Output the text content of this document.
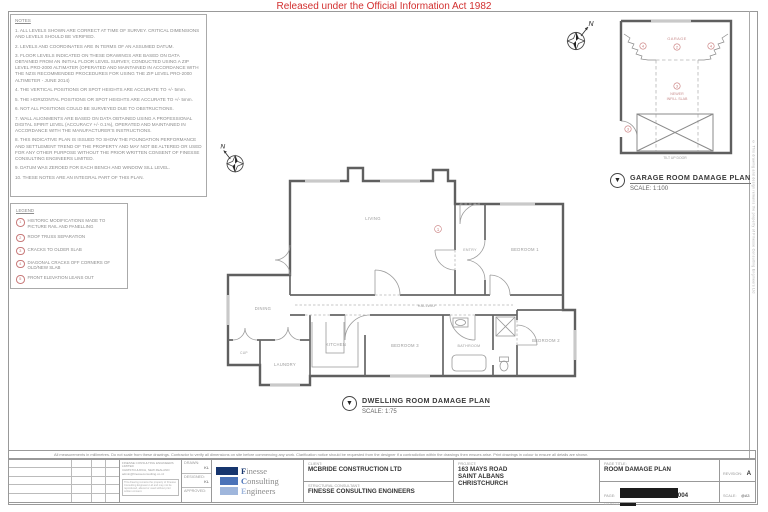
Released under the Official Information Act 1982
© This drawing and design remains the property of Finesse Consulting Engineers Ltd

NOTES

1. ALL LEVELS SHOWN ARE CORRECT AT TIME OF SURVEY. CRITICAL DIMENSIONS AND LEVELS SHOULD BE VERIFIED.

2. LEVELS AND COORDINATES ARE IN TERMS OF AN ASSUMED DATUM.

3. FLOOR LEVELS INDICATED ON THESE DRAWINGS ARE BASED ON DATA OBTAINED FROM AN INITIAL FLOOR LEVEL SURVEY, CONDUCTED USING A ZIP LEVEL PRO-2000 ALTIMATER (OPERATED AND MAINTAINED IN ACCORDANCE WITH THE NZIS RECOMMENDED PROCEDURES FOR USING THE ZIP LEVEL PRO-2000 ALTIMETER - JUNE 2014)

4. THE VERTICAL POSITIONS OR SPOT HEIGHTS ARE ACCURATE TO +/- 5mm.

5. THE HORIZONTAL POSITIONS OR SPOT HEIGHTS ARE ACCURATE TO +/- 5mm.

6. NOT ALL POSITIONS COULD BE SURVEYED DUE TO OBSTRUCTIONS.

7. WALL ALIGNMENTS ARE BASED ON DATA OBTAINED USING A PROFESSIONAL DIGITAL SPIRIT LEVEL (ACCURACY +/- 0.1%), OPERATED AND MAINTAINED IN ACCORDANCE WITH THE MANUFACTURER'S INSTRUCTIONS.

8. THIS INDICATIVE PLAN IS ISSUED TO SHOW THE FOUNDATION PERFORMANCE AND SETTLEMENT TREND OF THE PROPERTY AND MAY NOT BE ALTERED OR USED FOR ANY OTHER PURPOSE WITHOUT THE PRIOR WRITTEN CONSENT OF FINESSE CONSULTING ENGINEERS LIMITED.

9. DATUM WAS ZEROED FOR EACH BENCH AND WINDOW SILL LEVEL.

10. THESE NOTES ARE AN INTEGRAL PART OF THIS PLAN.

LEGEND

1	HISTORIC MODIFICATIONS MADE TO PICTURE RAIL AND PANELLING
2	ROOF TRUSS SEPARATION
3	CRACKS TO OLDER SLAB
4	DIAGONAL CRACKS OFF CORNERS OF OLD/NEW SLAB
5	FRONT ELEVATION LEANS OUT
N
N
GARAGE
2
4	4
3
3
NEWER
INFILL SLAB
TILT UP DOOR
▼	GARAGE ROOM DAMAGE PLAN
SCALE: 1:100
LIVING
ENTRY	BEDROOM 1
HALLWAY
DINING
KITCHEN
LAUNDRY
CUP
BEDROOM 3	BATHROOM
BEDROOM 2
1
▼	DWELLING ROOM DAMAGE PLAN
SCALE: 1:75
All measurements in millimetres. Do not scale from these drawings. Contractor to verify all dimensions on site before commencing any work. Clarification notice should be requested from the designer if a contradiction within the drawings then ensues arise. Print drawings in colour to ensure all details are shown.
FINESSE CONSULTING ENGINEERS LIMITED
CHRISTCHURCH, NEW ZEALAND
admin@finesseconsulting.co.nz
This drawing remains the property of Finesse Consulting Engineers Ltd and may not be reproduced, altered or used without prior written consent.
DRAWN:
KL
DESIGNED:
KL
APPROVED:
Finesse
Consulting
Engineers
CLIENT:
MCBRIDE CONSTRUCTION LTD
STRUCTURAL CONSULTANT:
FINESSE CONSULTING ENGINEERS
PROJECT:
163 MAYS ROAD
SAINT ALBANS
CHRISTCHURCH
PAGE TITLE:
ROOM DAMAGE PLAN
PAGE:	004
Last Printed:
REVISION: A
SCALE: @A3
